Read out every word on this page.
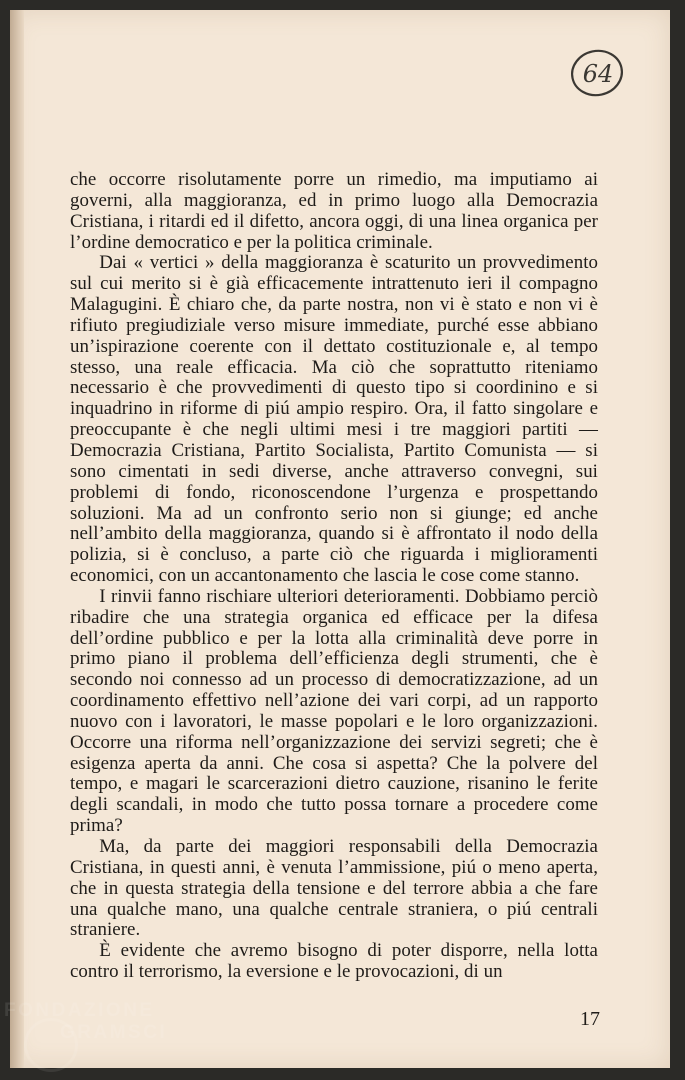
64

che occorre risolutamente porre un rimedio, ma imputiamo ai governi, alla maggioranza, ed in primo luogo alla Democrazia Cristiana, i ritardi ed il difetto, ancora oggi, di una linea organica per l’ordine democratico e per la politica criminale.

Dai « vertici » della maggioranza è scaturito un provvedimento sul cui merito si è già efficacemente intrattenuto ieri il compagno Malagugini. È chiaro che, da parte nostra, non vi è stato e non vi è rifiuto pregiudiziale verso misure immediate, purché esse abbiano un’ispirazione coerente con il dettato costituzionale e, al tempo stesso, una reale efficacia. Ma ciò che soprattutto riteniamo necessario è che provvedimenti di questo tipo si coordinino e si inquadrino in riforme di piú ampio respiro. Ora, il fatto singolare e preoccupante è che negli ultimi mesi i tre maggiori partiti — Democrazia Cristiana, Partito Socialista, Partito Comunista — si sono cimentati in sedi diverse, anche attraverso convegni, sui problemi di fondo, riconoscendone l’urgenza e prospettando soluzioni. Ma ad un confronto serio non si giunge; ed anche nell’ambito della maggioranza, quando si è affrontato il nodo della polizia, si è concluso, a parte ciò che riguarda i miglioramenti economici, con un accantonamento che lascia le cose come stanno.

I rinvii fanno rischiare ulteriori deterioramenti. Dobbiamo perciò ribadire che una strategia organica ed efficace per la difesa dell’ordine pubblico e per la lotta alla criminalità deve porre in primo piano il problema dell’efficienza degli strumenti, che è secondo noi connesso ad un processo di democratizzazione, ad un coordinamento effettivo nell’azione dei vari corpi, ad un rapporto nuovo con i lavoratori, le masse popolari e le loro organizzazioni. Occorre una riforma nell’organizzazione dei servizi segreti; che è esigenza aperta da anni. Che cosa si aspetta? Che la polvere del tempo, e magari le scarcerazioni dietro cauzione, risanino le ferite degli scandali, in modo che tutto possa tornare a procedere come prima?

Ma, da parte dei maggiori responsabili della Democrazia Cristiana, in questi anni, è venuta l’ammissione, piú o meno aperta, che in questa strategia della tensione e del terrore abbia a che fare una qualche mano, una qualche centrale straniera, o piú centrali straniere.

È evidente che avremo bisogno di poter disporre, nella lotta contro il terrorismo, la eversione e le provocazioni, di un

17
FONDAZIONE
GRAMSCI
